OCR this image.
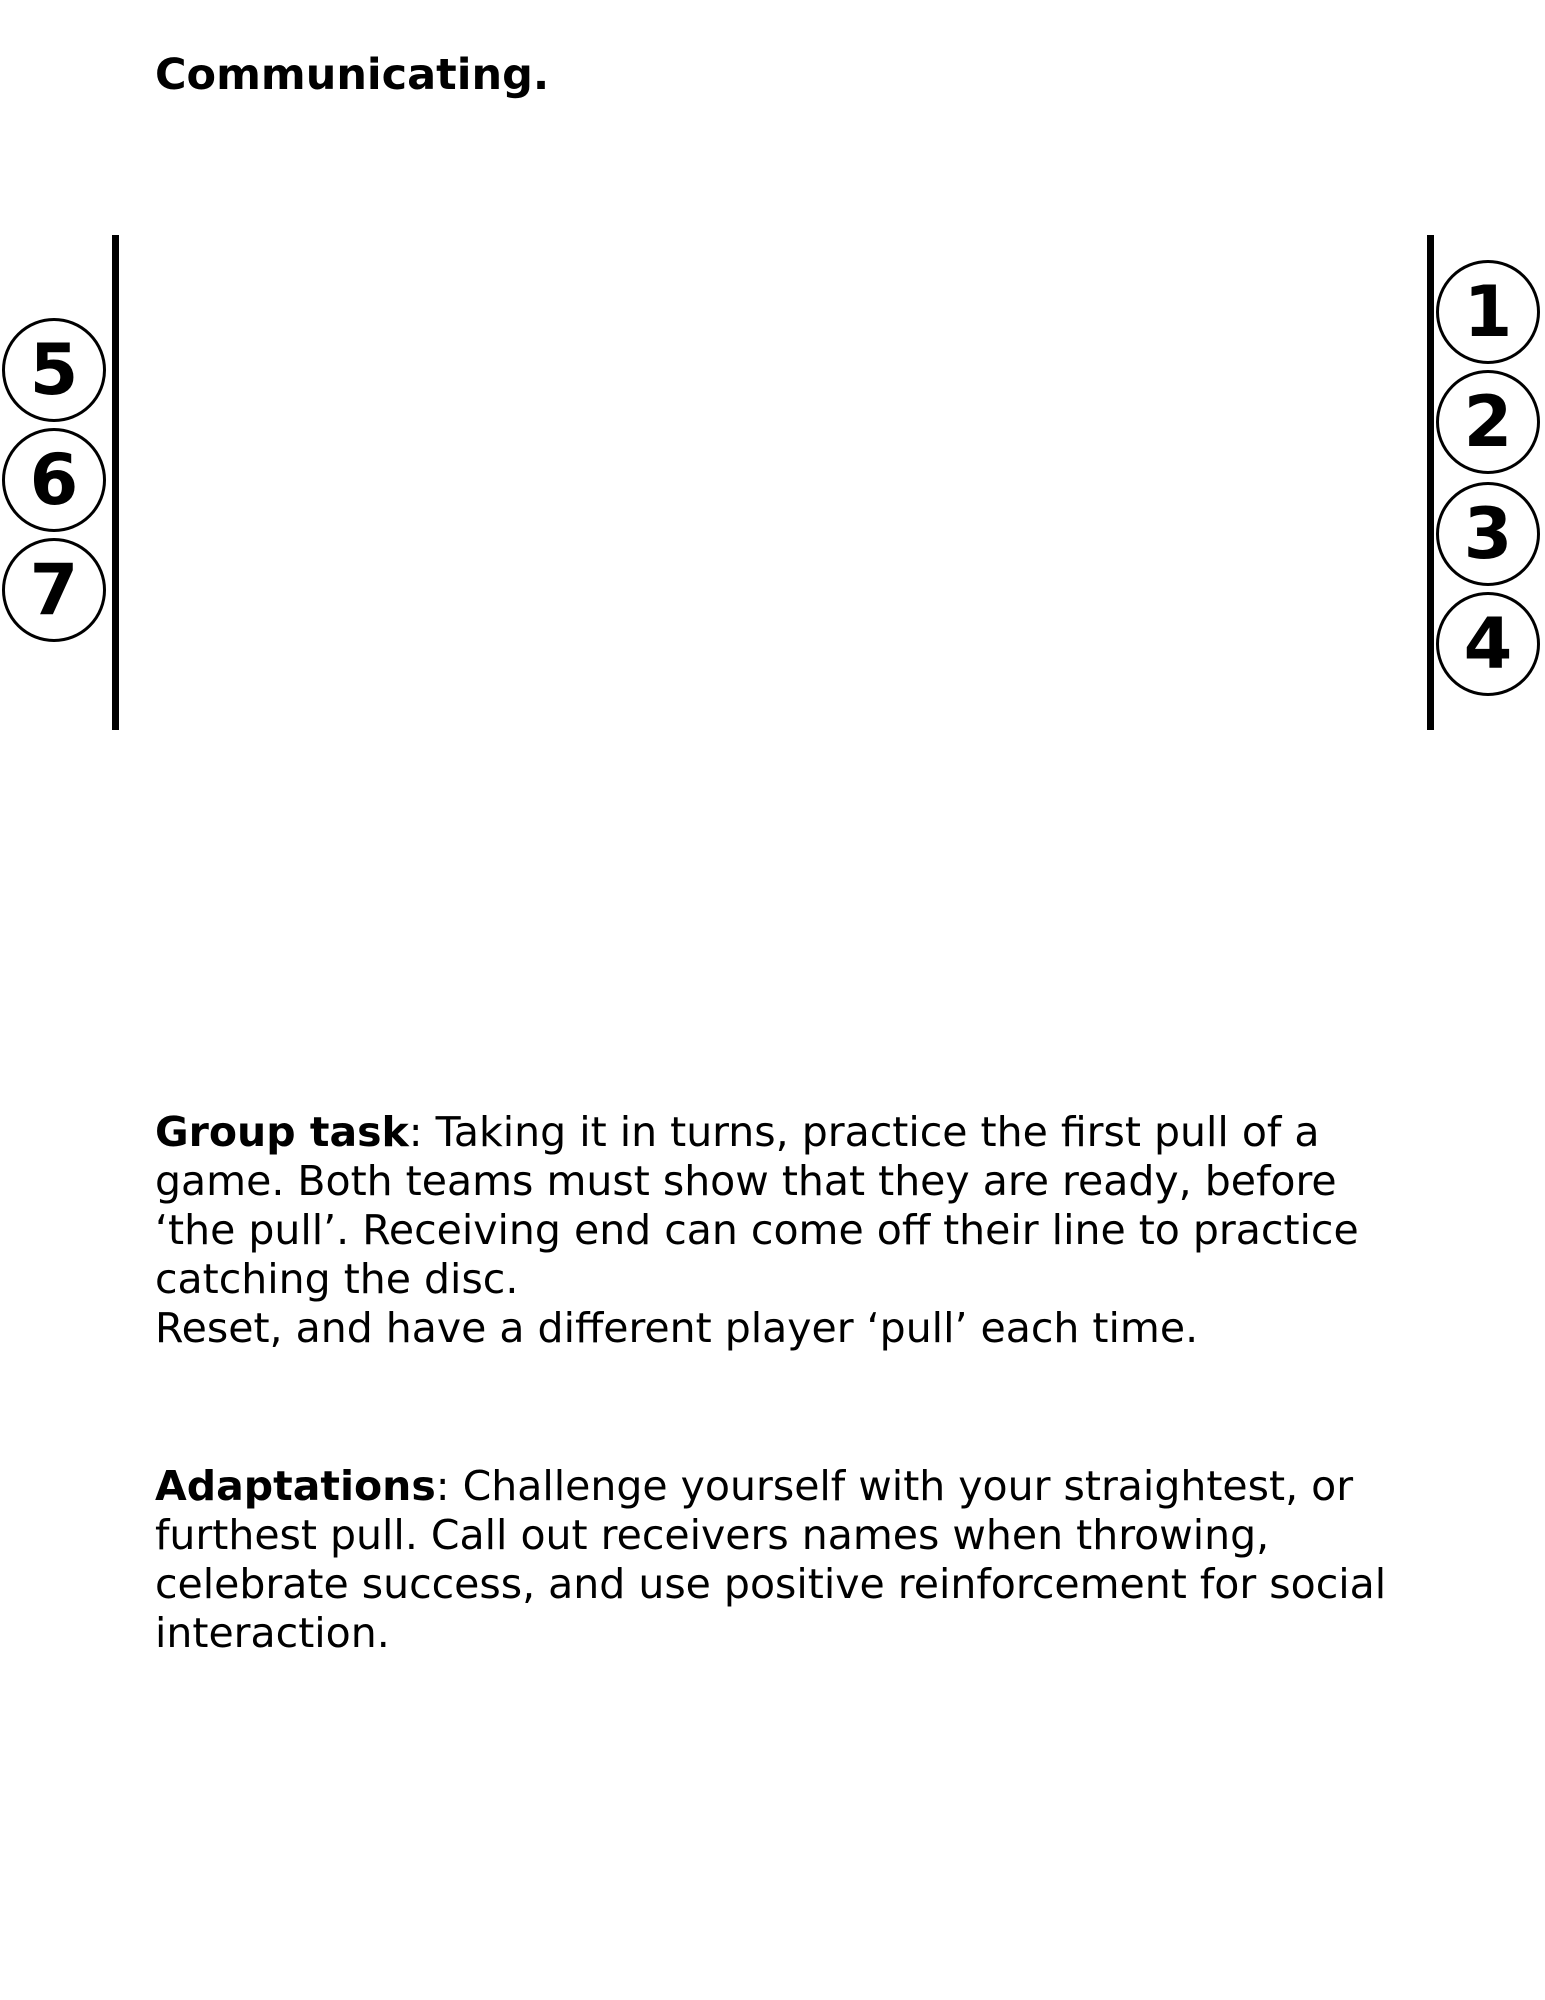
Communicating.
5
6
7
1
2
3
4

Group task: Taking it in turns, practice the first pull of a game. Both teams must show that they are ready, before ‘the pull’. Receiving end can come off their line to practice catching the disc.
Reset, and have a different player ‘pull’ each time.

Adaptations: Challenge yourself with your straightest, or furthest pull. Call out receivers names when throwing, celebrate success, and use positive reinforcement for social interaction.
